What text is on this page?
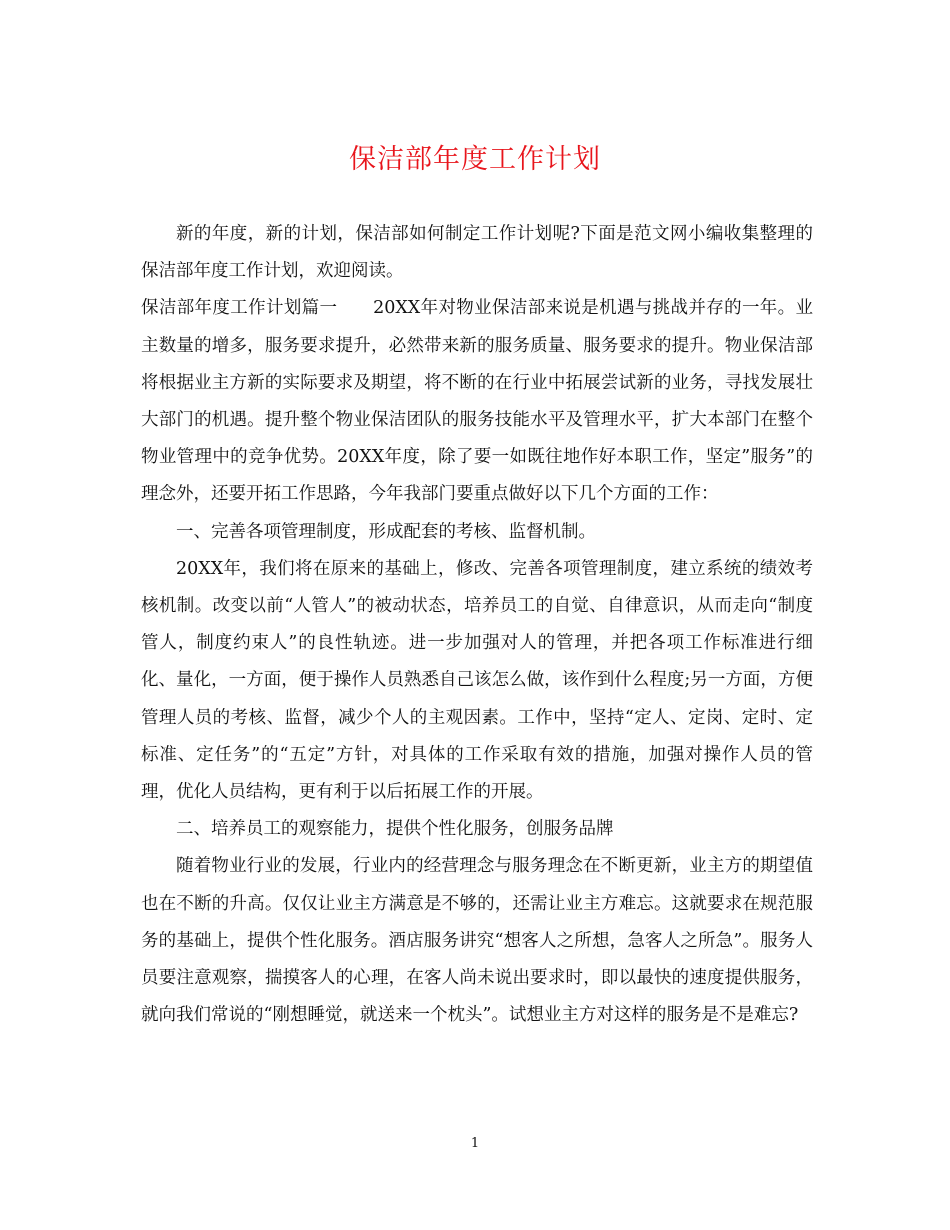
保洁部年度工作计划

新的年度，新的计划，保洁部如何制定工作计划呢?下面是范文网小编收集整理的保洁部年度工作计划，欢迎阅读。

保洁部年度工作计划篇一　　20XX年对物业保洁部来说是机遇与挑战并存的一年。业主数量的增多，服务要求提升，必然带来新的服务质量、服务要求的提升。物业保洁部将根据业主方新的实际要求及期望，将不断的在行业中拓展尝试新的业务，寻找发展壮大部门的机遇。提升整个物业保洁团队的服务技能水平及管理水平，扩大本部门在整个物业管理中的竞争优势。20XX年度，除了要一如既往地作好本职工作，坚定”服务”的理念外，还要开拓工作思路，今年我部门要重点做好以下几个方面的工作：

一、完善各项管理制度，形成配套的考核、监督机制。

20XX年，我们将在原来的基础上，修改、完善各项管理制度，建立系统的绩效考核机制。改变以前“人管人”的被动状态，培养员工的自觉、自律意识，从而走向“制度管人，制度约束人”的良性轨迹。进一步加强对人的管理，并把各项工作标准进行细化、量化，一方面，便于操作人员熟悉自己该怎么做，该作到什么程度;另一方面，方便管理人员的考核、监督，减少个人的主观因素。工作中，坚持“定人、定岗、定时、定标准、定任务”的“五定”方针，对具体的工作采取有效的措施，加强对操作人员的管理，优化人员结构，更有利于以后拓展工作的开展。

二、培养员工的观察能力，提供个性化服务，创服务品牌

随着物业行业的发展，行业内的经营理念与服务理念在不断更新，业主方的期望值也在不断的升高。仅仅让业主方满意是不够的，还需让业主方难忘。这就要求在规范服务的基础上，提供个性化服务。酒店服务讲究“想客人之所想，急客人之所急”。服务人员要注意观察，揣摸客人的心理，在客人尚未说出要求时，即以最快的速度提供服务，就向我们常说的“刚想睡觉，就送来一个枕头”。试想业主方对这样的服务是不是难忘?

1
